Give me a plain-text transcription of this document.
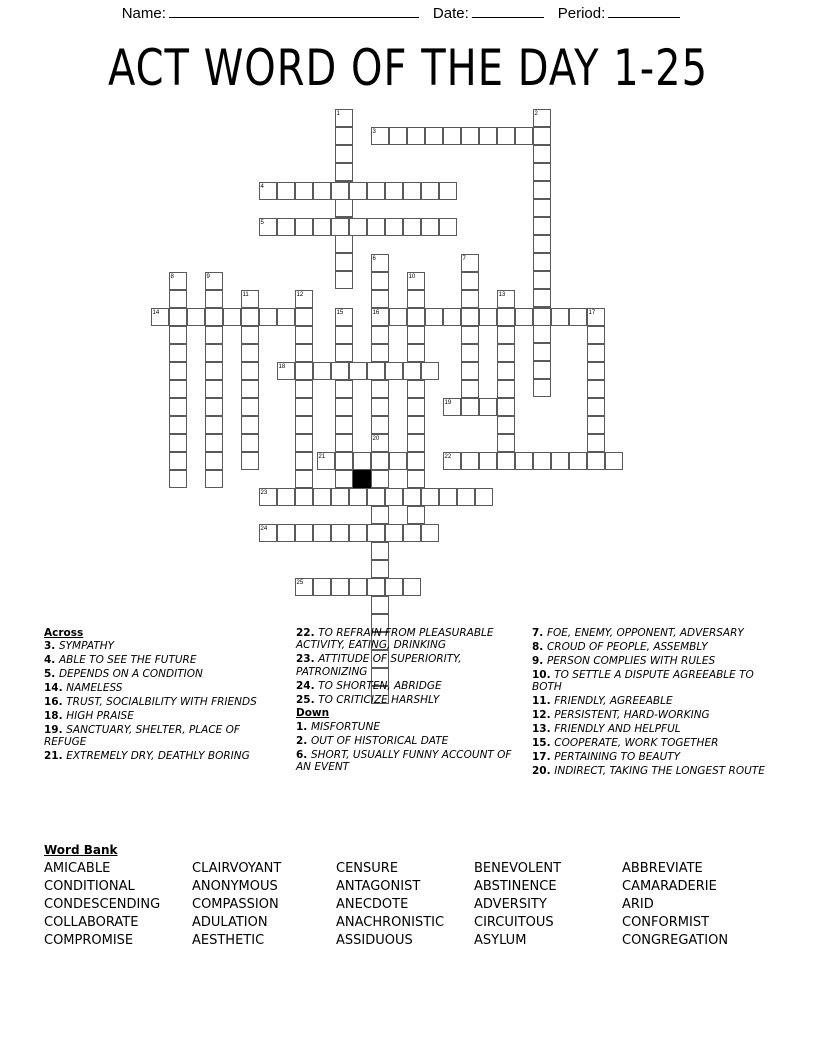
Name:	Date:	Period:
ACT WORD OF THE DAY 1-25
1	2
3
4
5
6	7
8	9	10
11	12	13
14	15	16	17
18
19
20
21	22
23
24
25
Across
3. SYMPATHY
4. ABLE TO SEE THE FUTURE
5. DEPENDS ON A CONDITION
14. NAMELESS
16. TRUST, SOCIALBILITY WITH FRIENDS
18. HIGH PRAISE
19. SANCTUARY, SHELTER, PLACE OF REFUGE
21. EXTREMELY DRY, DEATHLY BORING
22. TO REFRAIN FROM PLEASURABLE ACTIVITY, EATING, DRINKING
23. ATTITUDE OF SUPERIORITY, PATRONIZING
24. TO SHORTEN, ABRIDGE
25. TO CRITICIZE HARSHLY
Down
1. MISFORTUNE
2. OUT OF HISTORICAL DATE
6. SHORT, USUALLY FUNNY ACCOUNT OF AN EVENT
7. FOE, ENEMY, OPPONENT, ADVERSARY
8. CROUD OF PEOPLE, ASSEMBLY
9. PERSON COMPLIES WITH RULES
10. TO SETTLE A DISPUTE AGREEABLE TO BOTH
11. FRIENDLY, AGREEABLE
12. PERSISTENT, HARD-WORKING
13. FRIENDLY AND HELPFUL
15. COOPERATE, WORK TOGETHER
17. PERTAINING TO BEAUTY
20. INDIRECT, TAKING THE LONGEST ROUTE
Word Bank
AMICABLE	CLAIRVOYANT	CENSURE	BENEVOLENT	ABBREVIATE
CONDITIONAL	ANONYMOUS	ANTAGONIST	ABSTINENCE	CAMARADERIE
CONDESCENDING	COMPASSION	ANECDOTE	ADVERSITY	ARID
COLLABORATE	ADULATION	ANACHRONISTIC	CIRCUITOUS	CONFORMIST
COMPROMISE	AESTHETIC	ASSIDUOUS	ASYLUM	CONGREGATION
